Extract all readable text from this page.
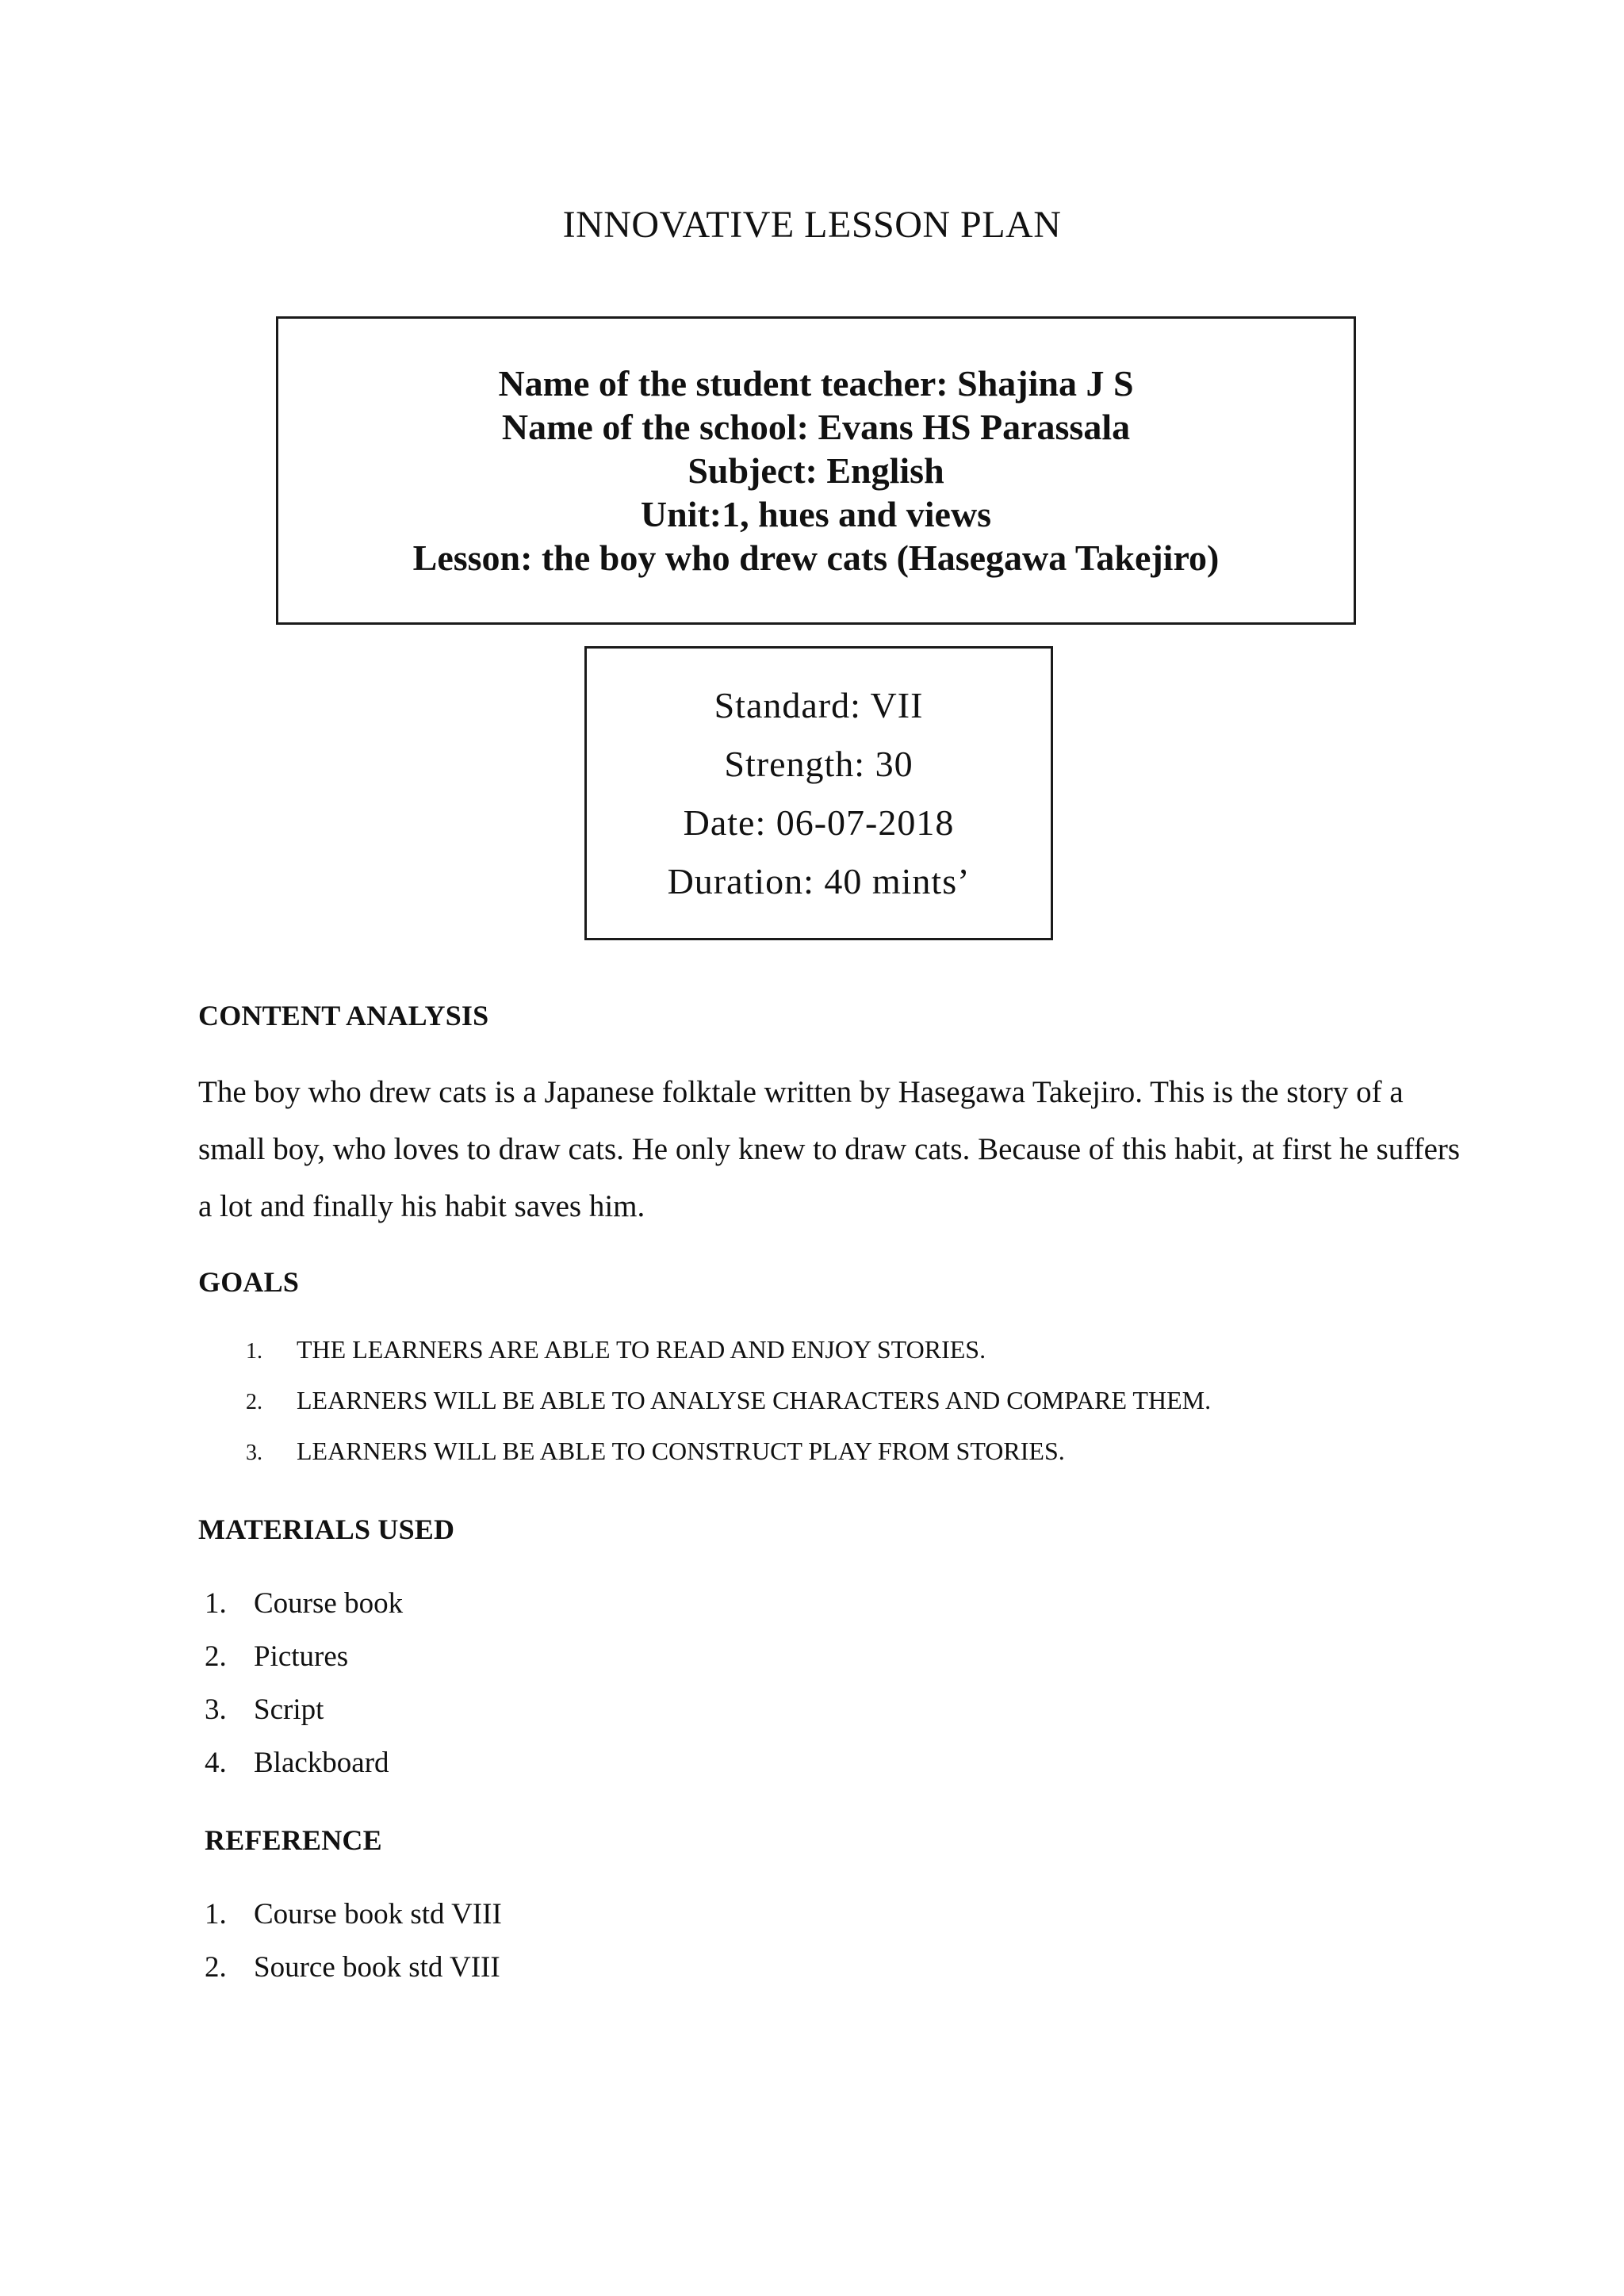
INNOVATIVE LESSON PLAN
Name of the student teacher: Shajina J S
Name of the school: Evans HS Parassala
Subject: English
Unit:1, hues and views
Lesson: the boy who drew cats (Hasegawa Takejiro)
Standard: VII
Strength: 30
Date: 06-07-2018
Duration: 40 mints’
CONTENT ANALYSIS
The boy who drew cats is a Japanese folktale written by Hasegawa Takejiro. This is the story of a small boy, who loves to draw cats. He only knew to draw cats. Because of this habit, at first he suffers a lot and finally his habit saves him.
GOALS
1. THE LEARNERS ARE ABLE TO READ AND ENJOY STORIES.
2. LEARNERS WILL BE ABLE TO ANALYSE CHARACTERS AND COMPARE THEM.
3. LEARNERS WILL BE ABLE TO CONSTRUCT PLAY FROM STORIES.
MATERIALS USED
1. Course book
2. Pictures
3. Script
4. Blackboard
REFERENCE
1. Course book std VIII
2. Source book std VIII
